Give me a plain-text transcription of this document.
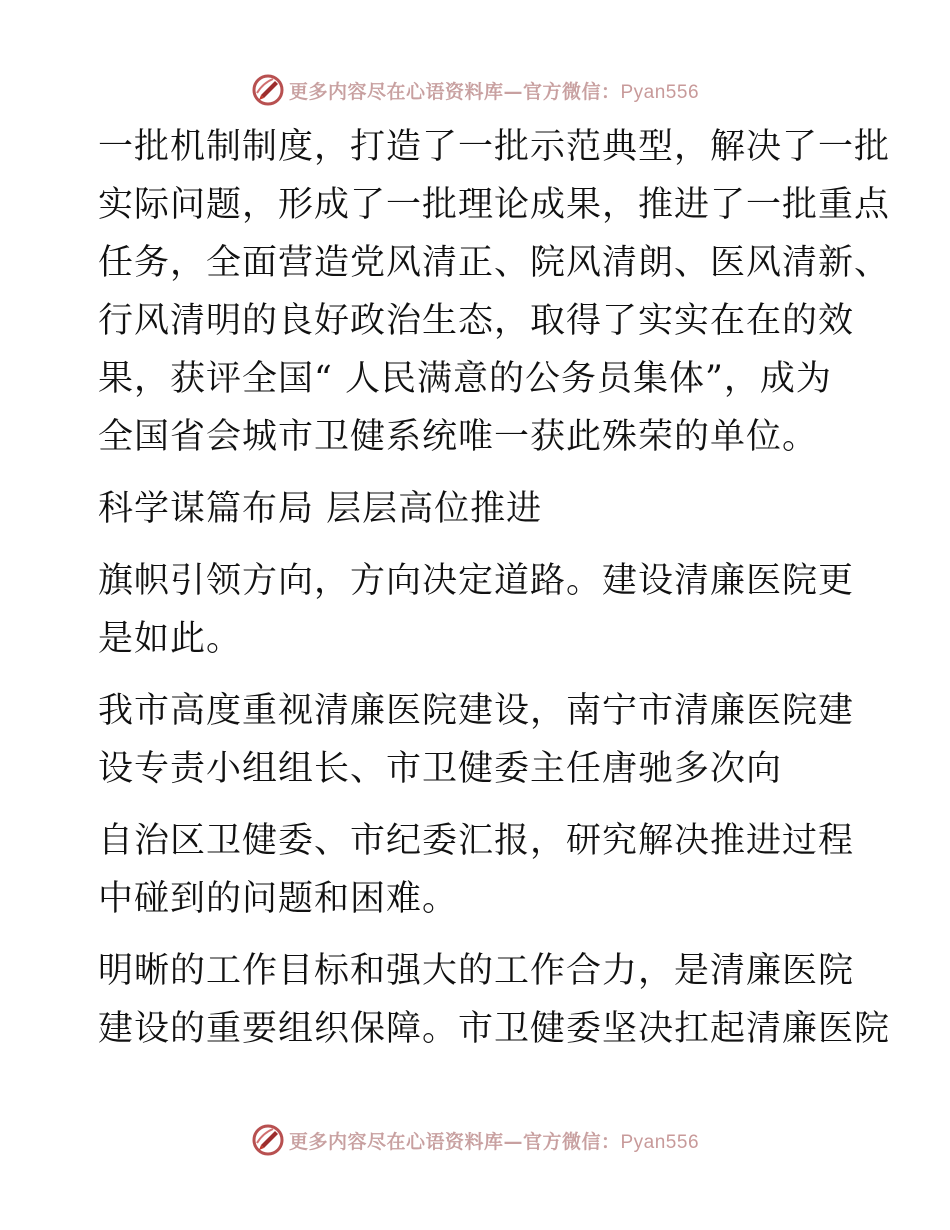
更多内容尽在心语资料库—官方微信：Pyan556

一批机制制度，打造了一批示范典型，解决了一批

实际问题，形成了一批理论成果，推进了一批重点

任务，全面营造党风清正、院风清朗、医风清新、

行风清明的良好政治生态，取得了实实在在的效

果，获评全国“ 人民满意的公务员集体”，成为

全国省会城市卫健系统唯一获此殊荣的单位。

科学谋篇布局 层层高位推进

旗帜引领方向，方向决定道路。建设清廉医院更

是如此。

我市高度重视清廉医院建设，南宁市清廉医院建

设专责小组组长、市卫健委主任唐驰多次向

自治区卫健委、市纪委汇报，研究解决推进过程

中碰到的问题和困难。

明晰的工作目标和强大的工作合力，是清廉医院

建设的重要组织保障。市卫健委坚决扛起清廉医院

更多内容尽在心语资料库—官方微信：Pyan556
